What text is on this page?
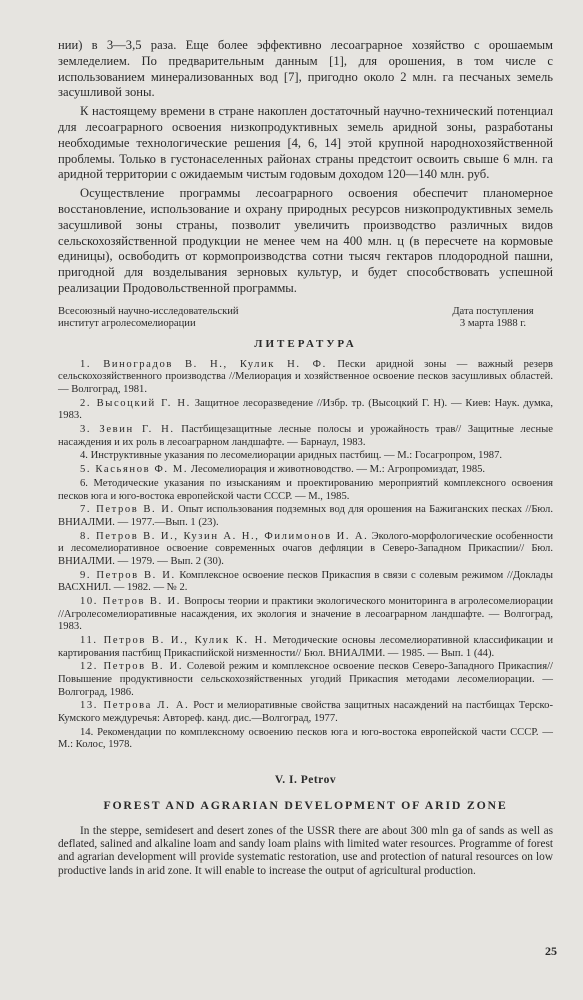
нии) в 3—3,5 раза. Еще более эффективно лесоаграрное хозяйство с орошаемым земледелием. По предварительным данным [1], для орошения, в том числе с использованием минерализованных вод [7], пригодно около 2 млн. га песчаных земель засушливой зоны.

К настоящему времени в стране накоплен достаточный научно-технический потенциал для лесоаграрного освоения низкопродуктивных земель аридной зоны, разработаны необходимые технологические решения [4, 6, 14] этой крупной народнохозяйственной проблемы. Только в густонаселенных районах страны предстоит освоить свыше 6 млн. га аридной территории с ожидаемым чистым годовым доходом 120—140 млн. руб.

Осуществление программы лесоаграрного освоения обеспечит планомерное восстановление, использование и охрану природных ресурсов низкопродуктивных земель засушливой зоны страны, позволит увеличить производство различных видов сельскохозяйственной продукции не менее чем на 400 млн. ц (в пересчете на кормовые единицы), освободить от кормопроизводства сотни тысяч гектаров плодородной пашни, пригодной для возделывания зерновых культур, и будет способствовать успешной реализации Продовольственной программы.

Всесоюзный научно-исследовательский
институт агролесомелиорации
Дата поступления
3 марта 1988 г.
ЛИТЕРАТУРА
1. Виноградов В. Н., Кулик Н. Ф. Пески аридной зоны — важный резерв сельскохозяйственного производства //Мелиорация и хозяйственное освоение песков засушливых областей. — Волгоград, 1981.
2. Высоцкий Г. Н. Защитное лесоразведение //Избр. тр. (Высоцкий Г. Н). — Киев: Наук. думка, 1983.
3. Зевин Г. Н. Пастбищезащитные лесные полосы и урожайность трав// Защитные лесные насаждения и их роль в лесоаграрном ландшафте. — Барнаул, 1983.
4. Инструктивные указания по лесомелиорации аридных пастбищ. — М.: Госагропром, 1987.
5. Касьянов Ф. М. Лесомелиорация и животноводство. — М.: Агропромиздат, 1985.
6. Методические указания по изысканиям и проектированию мероприятий комплексного освоения песков юга и юго-востока европейской части СССР. — М., 1985.
7. Петров В. И. Опыт использования подземных вод для орошения на Бажиганских песках //Бюл. ВНИАЛМИ. — 1977.—Вып. 1 (23).
8. Петров В. И., Кузин А. Н., Филимонов И. А. Эколого-морфологические особенности и лесомелиоративное освоение современных очагов дефляции в Северо-Западном Прикаспии// Бюл. ВНИАЛМИ. — 1979. — Вып. 2 (30).
9. Петров В. И. Комплексное освоение песков Прикаспия в связи с солевым режимом //Доклады ВАСХНИЛ. — 1982. — № 2.
10. Петров В. И. Вопросы теории и практики экологического мониторинга в агролесомелиорации //Агролесомелиоративные насаждения, их экология и значение в лесоаграрном ландшафте. — Волгоград, 1983.
11. Петров В. И., Кулик К. Н. Методические основы лесомелиоративной классификации и картирования пастбищ Прикаспийской низменности// Бюл. ВНИАЛМИ. — 1985. — Вып. 1 (44).
12. Петров В. И. Солевой режим и комплексное освоение песков Северо-Западного Прикаспия//Повышение продуктивности сельскохозяйственных угодий Прикаспия методами лесомелиорации. — Волгоград, 1986.
13. Петрова Л. А. Рост и мелиоративные свойства защитных насаждений на пастбищах Терско-Кумского междуречья: Автореф. канд. дис.—Волгоград, 1977.
14. Рекомендации по комплексному освоению песков юга и юго-востока европейской части СССР. — М.: Колос, 1978.
V. I. Petrov
FOREST AND AGRARIAN DEVELOPMENT OF ARID ZONE

In the steppe, semidesert and desert zones of the USSR there are about 300 mln ga of sands as well as deflated, salined and alkaline loam and sandy loam plains with limited water resources. Programme of forest and agrarian development will provide systematic restoration, use and protection of natural resources on low productive lands in arid zone. It will enable to increase the output of agricultural production.

25
